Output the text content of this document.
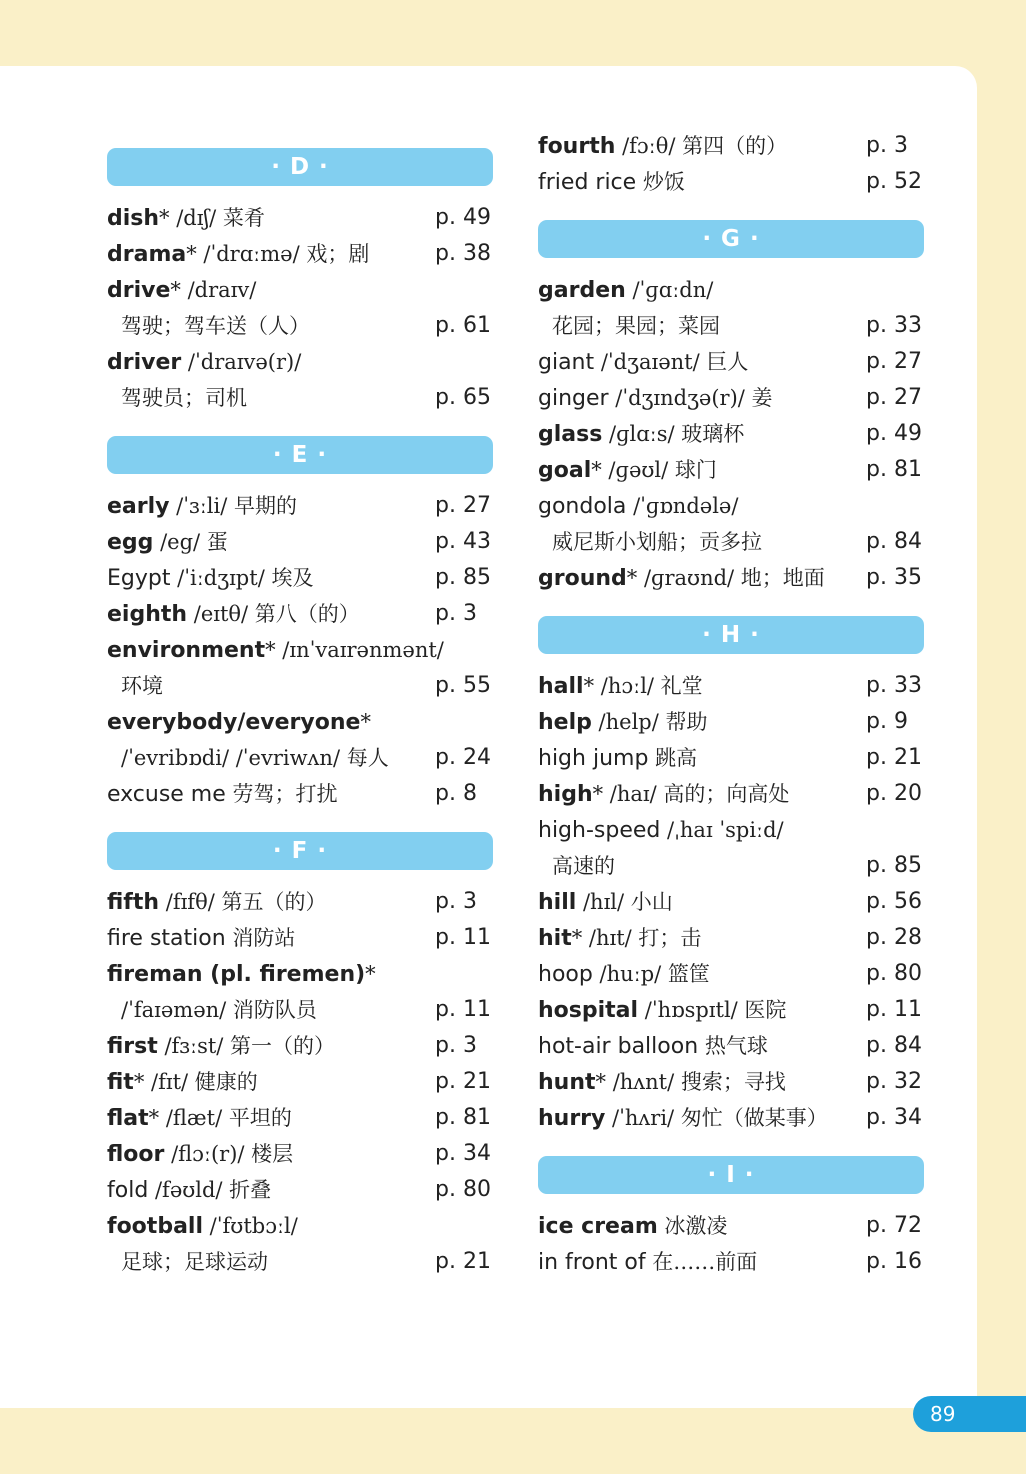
· D ·
dish* /dɪʃ/ 菜肴	p. 49
drama* /ˈdrɑːmə/ 戏；剧	p. 38
drive* /draɪv/
驾驶；驾车送（人）	p. 61
driver /ˈdraɪvə(r)/
驾驶员；司机	p. 65
· E ·
early /ˈɜːli/ 早期的	p. 27
egg /eg/ 蛋	p. 43
Egypt /ˈiːdʒɪpt/ 埃及	p. 85
eighth /eɪtθ/ 第八（的）	p. 3
environment* /ɪnˈvaɪrənmənt/
环境	p. 55
everybody/everyone*
/ˈevribɒdi/ /ˈevriwʌn/ 每人 p. 24
excuse me 劳驾；打扰	p. 8
· F ·
fifth /fɪfθ/ 第五（的）	p. 3
fire station 消防站	p. 11
fireman (pl. firemen)*
/ˈfaɪəmən/ 消防队员	p. 11
first /fɜːst/ 第一（的）	p. 3
fit* /fɪt/ 健康的	p. 21
flat* /flæt/ 平坦的	p. 81
floor /flɔː(r)/ 楼层	p. 34
fold /fəʊld/ 折叠	p. 80
football /ˈfʊtbɔːl/
足球；足球运动	p. 21
fourth /fɔːθ/ 第四（的）	p. 3
fried rice 炒饭	p. 52
· G ·
garden /ˈɡɑːdn/
花园；果园；菜园	p. 33
giant /ˈdʒaɪənt/ 巨人	p. 27
ginger /ˈdʒɪndʒə(r)/ 姜	p. 27
glass /ɡlɑːs/ 玻璃杯	p. 49
goal* /ɡəʊl/ 球门	p. 81
gondola /ˈɡɒndələ/
威尼斯小划船；贡多拉	p. 84
ground* /ɡraʊnd/ 地；地面 p. 35
· H ·
hall* /hɔːl/ 礼堂	p. 33
help /help/ 帮助	p. 9
high jump 跳高	p. 21
high* /haɪ/ 高的；向高处	p. 20
high-speed /ˌhaɪ ˈspiːd/
高速的	p. 85
hill /hɪl/ 小山	p. 56
hit* /hɪt/ 打；击	p. 28
hoop /huːp/ 篮筐	p. 80
hospital /ˈhɒspɪtl/ 医院	p. 11
hot-air balloon 热气球	p. 84
hunt* /hʌnt/ 搜索；寻找	p. 32
hurry /ˈhʌri/ 匆忙（做某事） p. 34
· I ·
ice cream 冰激凌	p. 72
in front of 在……前面	p. 16
89
